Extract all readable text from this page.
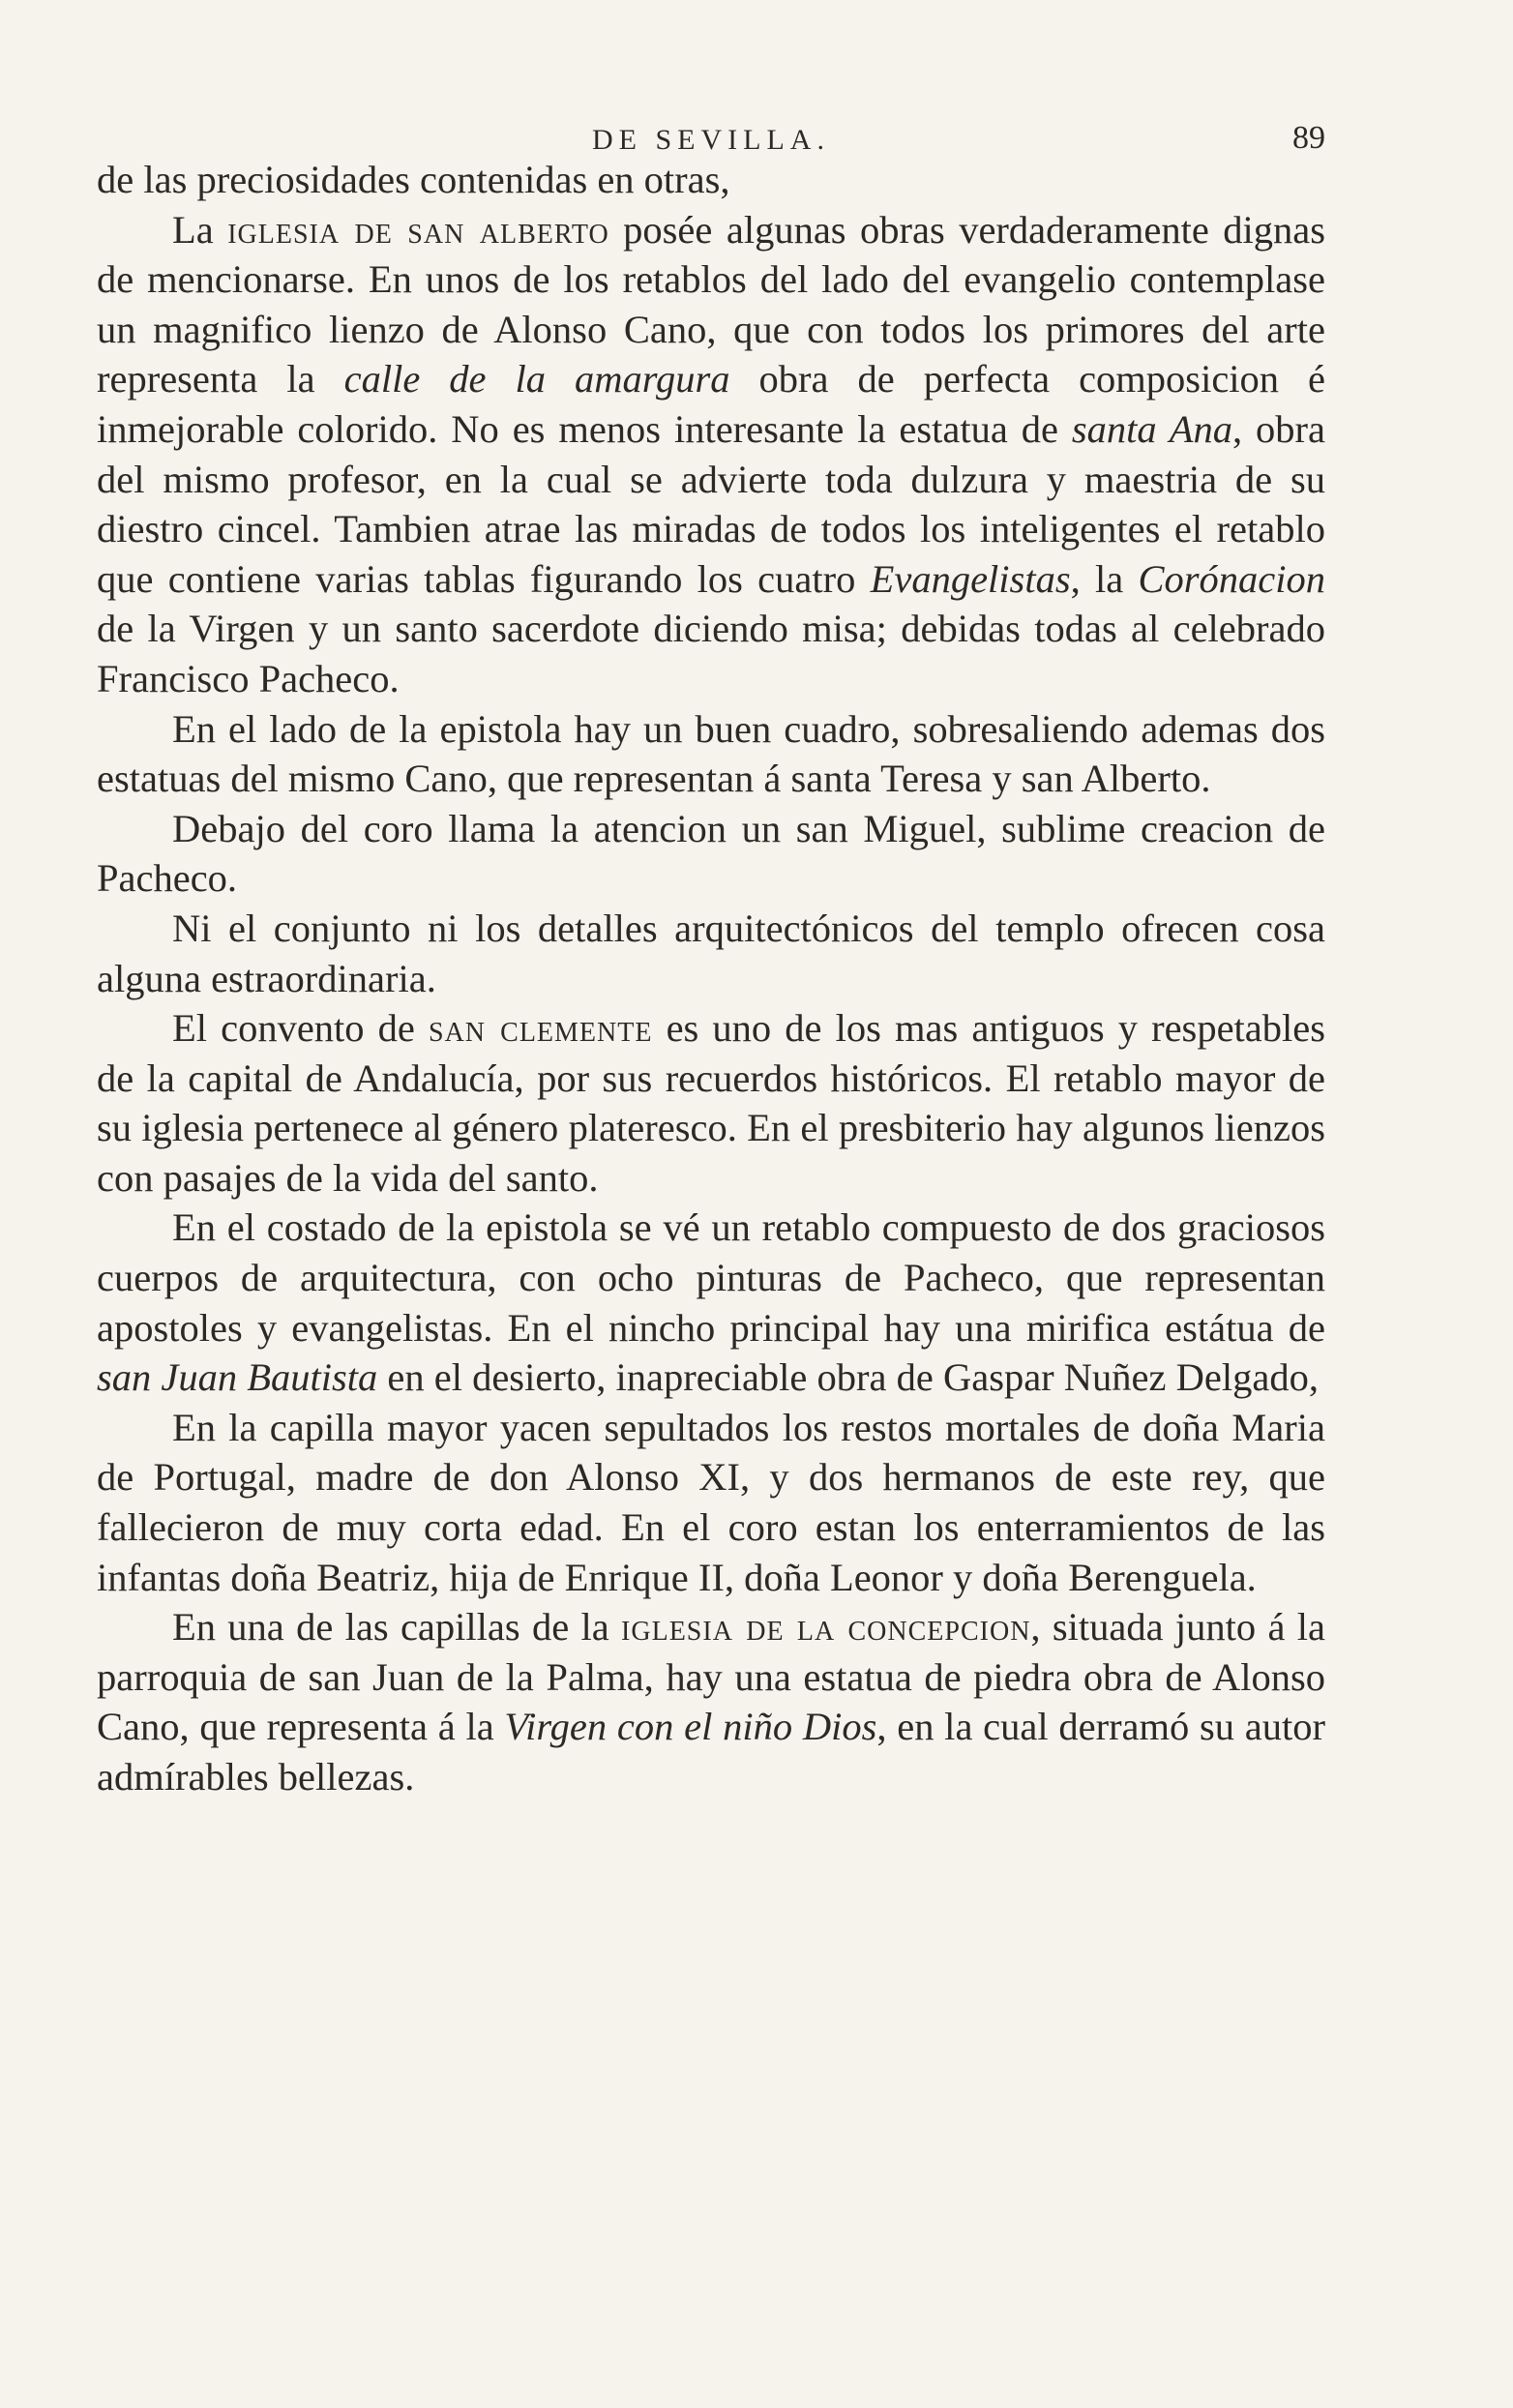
DE SEVILLA.	89

de las preciosidades contenidas en otras,

La iglesia de san alberto posée algunas obras verdaderamente dignas de mencionarse. En unos de los retablos del lado del evangelio contemplase un magnifico lienzo de Alonso Cano, que con todos los primores del arte representa la calle de la amargura obra de perfecta composicion é inmejorable colorido. No es menos interesante la estatua de santa Ana, obra del mismo profesor, en la cual se advierte toda dulzura y maestria de su diestro cincel. Tambien atrae las miradas de todos los inteligentes el retablo que contiene varias tablas figurando los cuatro Evangelistas, la Corónacion de la Virgen y un santo sacerdote diciendo misa; debidas todas al celebrado Francisco Pacheco.

En el lado de la epistola hay un buen cuadro, sobresaliendo ademas dos estatuas del mismo Cano, que representan á santa Teresa y san Alberto.

Debajo del coro llama la atencion un san Miguel, sublime creacion de Pacheco.

Ni el conjunto ni los detalles arquitectónicos del templo ofrecen cosa alguna estraordinaria.

El convento de san clemente es uno de los mas antiguos y respetables de la capital de Andalucía, por sus recuerdos históricos. El retablo mayor de su iglesia pertenece al género plateresco. En el presbiterio hay algunos lienzos con pasajes de la vida del santo.

En el costado de la epistola se vé un retablo compuesto de dos graciosos cuerpos de arquitectura, con ocho pinturas de Pacheco, que representan apostoles y evangelistas. En el nincho principal hay una mirifica estátua de san Juan Bautista en el desierto, inapreciable obra de Gaspar Nuñez Delgado,

En la capilla mayor yacen sepultados los restos mortales de doña Maria de Portugal, madre de don Alonso XI, y dos hermanos de este rey, que fallecieron de muy corta edad. En el coro estan los enterramientos de las infantas doña Beatriz, hija de Enrique II, doña Leonor y doña Berenguela.

En una de las capillas de la iglesia de la concepcion, situada junto á la parroquia de san Juan de la Palma, hay una estatua de piedra obra de Alonso Cano, que representa á la Virgen con el niño Dios, en la cual derramó su autor admírables bellezas.
